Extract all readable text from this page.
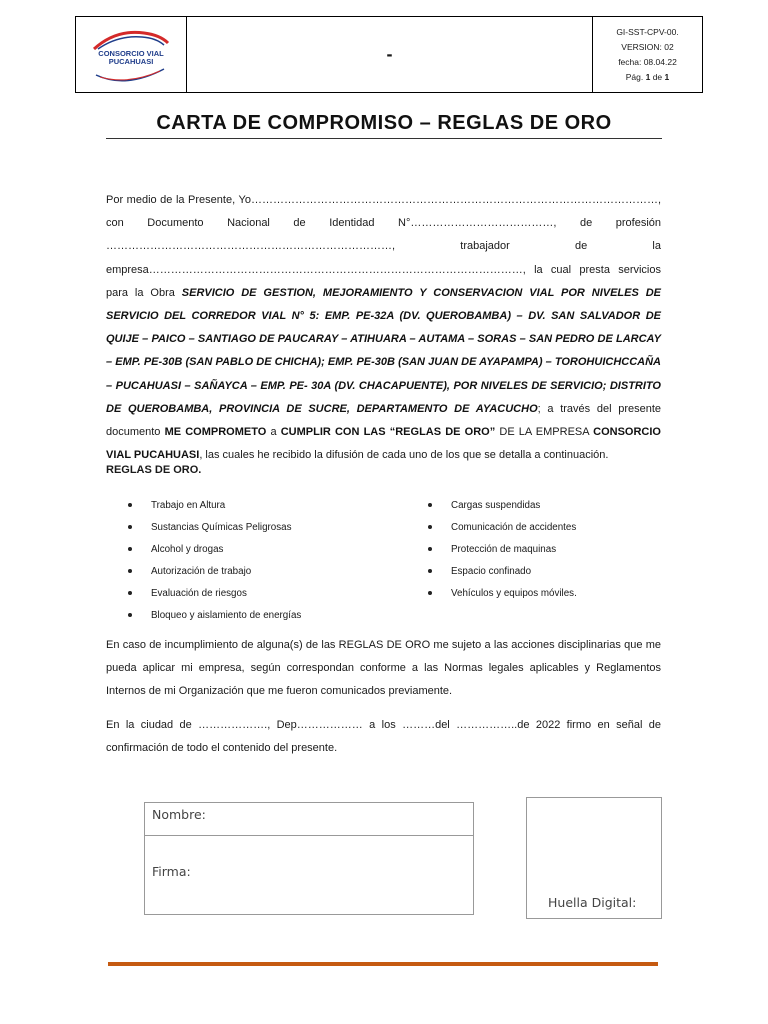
CONSORCIO VIAL
PUCAHUASI	-
GI-SST-CPV-00.
VERSION: 02
fecha: 08.04.22
Pág. 1 de 1
CARTA DE COMPROMISO – REGLAS DE ORO
Por medio de la Presente, Yo…………………………………………………………………………………………………, con Documento Nacional de Identidad N°…………………………………, de profesión ……………………………………………………………………, trabajador de la empresa…………………………………………………………………………………………, la cual presta servicios para la Obra SERVICIO DE GESTION, MEJORAMIENTO Y CONSERVACION VIAL POR NIVELES DE SERVICIO DEL CORREDOR VIAL N° 5: EMP. PE-32A (DV. QUEROBAMBA) – DV. SAN SALVADOR DE QUIJE – PAICO – SANTIAGO DE PAUCARAY – ATIHUARA – AUTAMA – SORAS – SAN PEDRO DE LARCAY – EMP. PE-30B (SAN PABLO DE CHICHA); EMP. PE-30B (SAN JUAN DE AYAPAMPA) – TOROHUICHCCAÑA – PUCAHUASI – SAÑAYCA – EMP. PE- 30A (DV. CHACAPUENTE), POR NIVELES DE SERVICIO; DISTRITO DE QUEROBAMBA, PROVINCIA DE SUCRE, DEPARTAMENTO DE AYACUCHO; a través del presente documento ME COMPROMETO a CUMPLIR CON LAS “REGLAS DE ORO” DE LA EMPRESA CONSORCIO VIAL PUCAHUASI, las cuales he recibido la difusión de cada uno de los que se detalla a continuación.
REGLAS DE ORO.
Trabajo en Altura
Sustancias Químicas Peligrosas
Alcohol y drogas
Autorización de trabajo
Evaluación de riesgos
Bloqueo y aislamiento de energías
Cargas suspendidas
Comunicación de accidentes
Protección de maquinas
Espacio confinado
Vehículos y equipos móviles.
En caso de incumplimiento de alguna(s) de las REGLAS DE ORO me sujeto a las acciones disciplinarias que me pueda aplicar mi empresa, según correspondan conforme a las Normas legales aplicables y Reglamentos Internos de mi Organización que me fueron comunicados previamente.
En la ciudad de ………………., Dep……………… a los ………del ……………..de 2022 firmo en señal de confirmación de todo el contenido del presente.
Nombre:
Firma:
Huella Digital:
